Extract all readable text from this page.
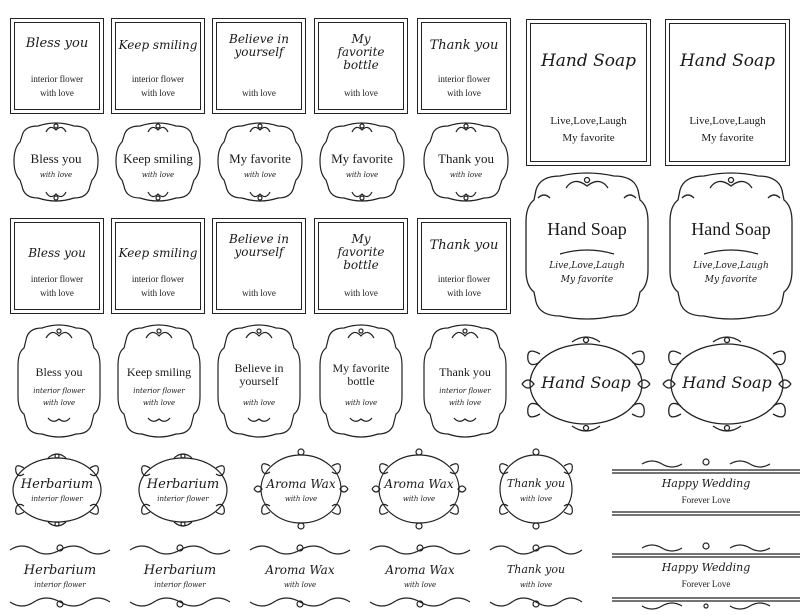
Bless you
interior flower
with love
Keep smiling
interior flower
with love
Believe in yourself
with love
My favorite bottle
with love
Thank you
interior flower
with love
Hand Soap
Live,Love,Laugh
My favorite
Hand Soap
Live,Love,Laugh
My favorite
Bless you
with love
Keep smiling
with love
My favorite
with love
My favorite
with love
Thank you
with love
Hand Soap
Live,Love,Laugh
My favorite
Hand Soap
Live,Love,Laugh
My favorite
Bless you
interior flower
with love
Keep smiling
interior flower
with love
Believe in yourself
with love
My favorite bottle
with love
Thank you
interior flower
with love
Bless you
interior flower
with love
Keep smiling
interior flower
with love
Believe in yourself
with love
My favorite bottle
with love
Thank you
interior flower
with love
Hand Soap	Hand Soap
Herbarium
interior flower
Herbarium
interior flower
Aroma Wax
with love
Aroma Wax
with love
Thank you
with love
Happy Wedding
Forever Love
Happy Wedding
Forever Love
Herbarium
interior flower
Herbarium
interior flower
Aroma Wax
with love
Aroma Wax
with love
Thank you
with love
